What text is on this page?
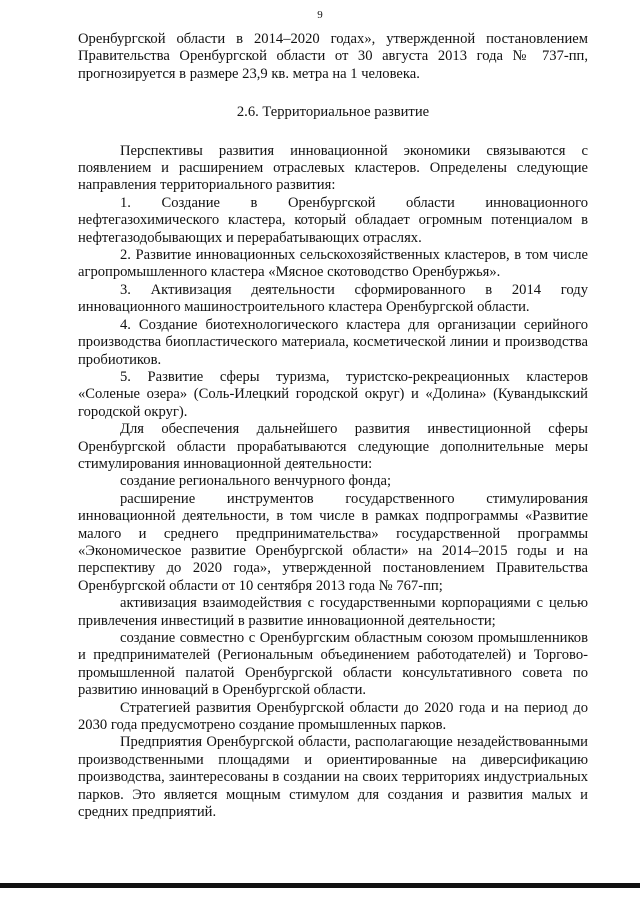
9

Оренбургской области в 2014–2020 годах», утвержденной постановлением Правительства Оренбургской области от 30 августа 2013 года № 737-пп, прогнозируется в размере 23,9 кв. метра на 1 человека.

2.6. Территориальное развитие

Перспективы развития инновационной экономики связываются с появлением и расширением отраслевых кластеров. Определены следующие направления территориального развития:

1. Создание в Оренбургской области инновационного нефтегазохимического кластера, который обладает огромным потенциалом в нефтегазодобывающих и перерабатывающих отраслях.

2. Развитие инновационных сельскохозяйственных кластеров, в том числе агропромышленного кластера «Мясное скотоводство Оренбуржья».

3. Активизация деятельности сформированного в 2014 году инновационного машиностроительного кластера Оренбургской области.

4. Создание биотехнологического кластера для организации серийного производства биопластического материала, косметической линии и производства пробиотиков.

5. Развитие сферы туризма, туристско-рекреационных кластеров «Соленые озера» (Соль-Илецкий городской округ) и «Долина» (Кувандыкский городской округ).

Для обеспечения дальнейшего развития инвестиционной сферы Оренбургской области прорабатываются следующие дополнительные меры стимулирования инновационной деятельности:

создание регионального венчурного фонда;

расширение инструментов государственного стимулирования инновационной деятельности, в том числе в рамках подпрограммы «Развитие малого и среднего предпринимательства» государственной программы «Экономическое развитие Оренбургской области» на 2014–2015 годы и на перспективу до 2020 года», утвержденной постановлением Правительства Оренбургской области от 10 сентября 2013 года № 767-пп;

активизация взаимодействия с государственными корпорациями с целью привлечения инвестиций в развитие инновационной деятельности;

создание совместно с Оренбургским областным союзом промышленников и предпринимателей (Региональным объединением работодателей) и Торгово-промышленной палатой Оренбургской области консультативного совета по развитию инноваций в Оренбургской области.

Стратегией развития Оренбургской области до 2020 года и на период до 2030 года предусмотрено создание промышленных парков.

Предприятия Оренбургской области, располагающие незадействованными производственными площадями и ориентированные на диверсификацию производства, заинтересованы в создании на своих территориях индустриальных парков. Это является мощным стимулом для создания и развития малых и средних предприятий.
